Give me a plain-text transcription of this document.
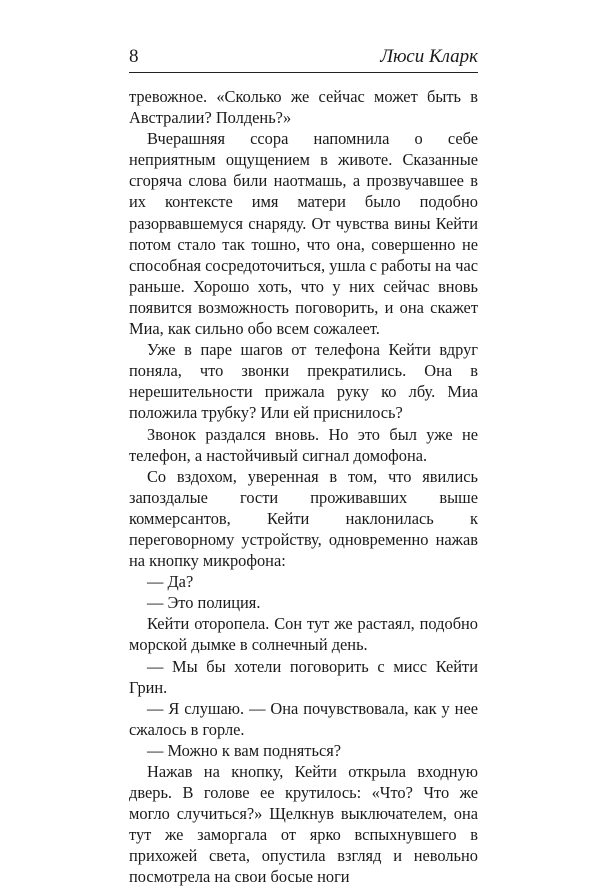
8	Люси Кларк

тревожное. «Сколько же сейчас может быть в Австралии? Полдень?»

Вчерашняя ссора напомнила о себе неприятным ощущением в животе. Сказанные сгоряча слова били наотмашь, а прозвучавшее в их контексте имя матери было подобно разорвавшемуся снаряду. От чувства вины Кейти потом стало так тошно, что она, совершенно не способная сосредоточиться, ушла с работы на час раньше. Хорошо хоть, что у них сейчас вновь появится возможность поговорить, и она скажет Миа, как сильно обо всем сожалеет.

Уже в паре шагов от телефона Кейти вдруг поняла, что звонки прекратились. Она в нерешительности прижала руку ко лбу. Миа положила трубку? Или ей приснилось?

Звонок раздался вновь. Но это был уже не телефон, а настойчивый сигнал домофона.

Со вздохом, уверенная в том, что явились запоздалые гости проживавших выше коммерсантов, Кейти наклонилась к переговорному устройству, одновременно нажав на кнопку микрофона:

— Да?

— Это полиция.

Кейти оторопела. Сон тут же растаял, подобно морской дымке в солнечный день.

— Мы бы хотели поговорить с мисс Кейти Грин.

— Я слушаю. — Она почувствовала, как у нее сжалось в горле.

— Можно к вам подняться?

Нажав на кнопку, Кейти открыла входную дверь. В голове ее крутилось: «Что? Что же могло случиться?» Щелкнув выключателем, она тут же заморгала от ярко вспыхнувшего в прихожей света, опустила взгляд и невольно посмотрела на свои босые ноги
